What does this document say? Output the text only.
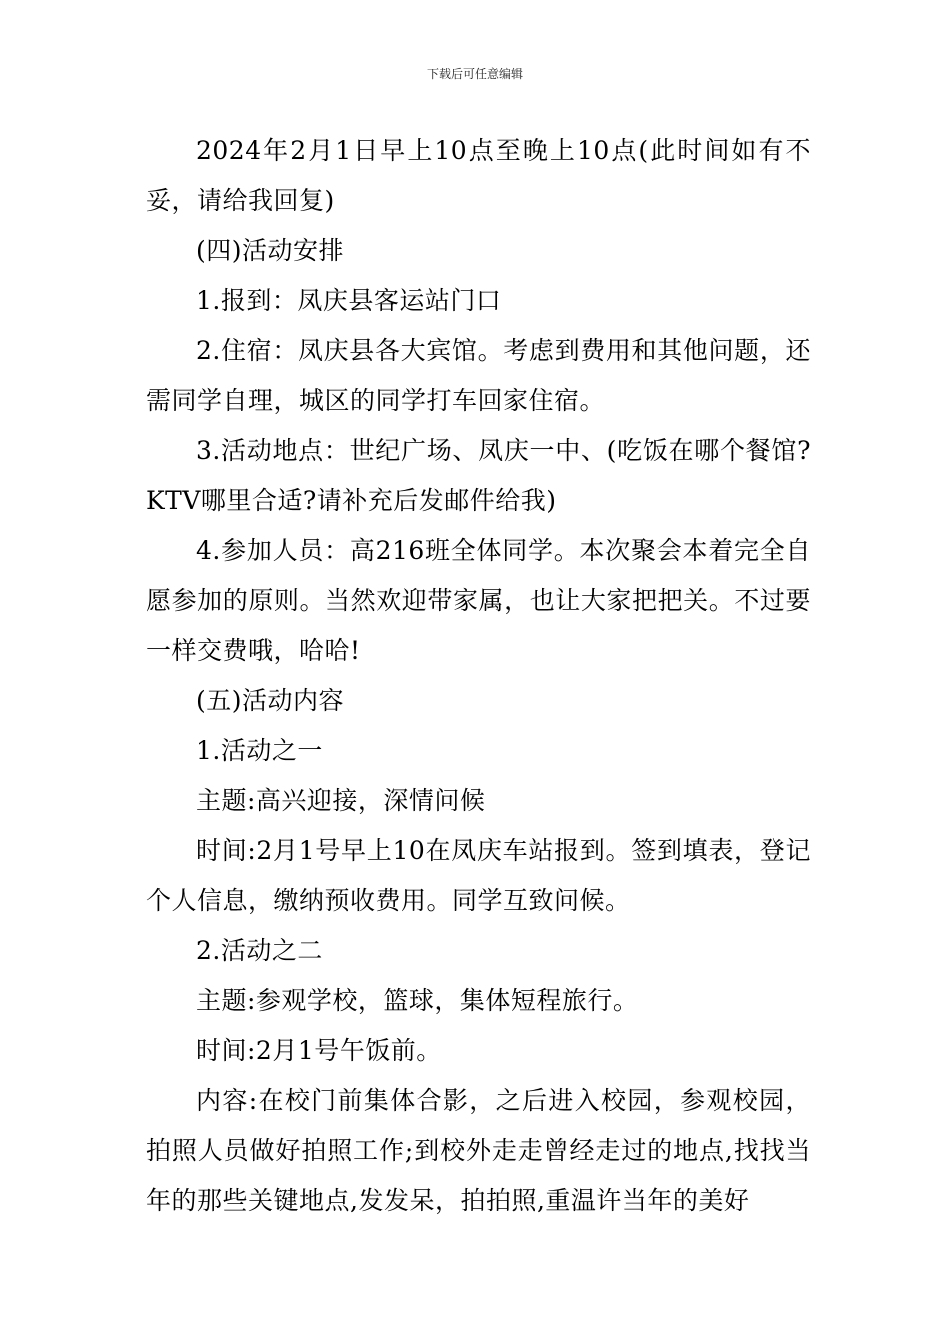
下载后可任意编辑

2024年2月1日早上10点至晚上10点(此时间如有不妥，请给我回复)

(四)活动安排

1.报到：凤庆县客运站门口

2.住宿：凤庆县各大宾馆。考虑到费用和其他问题，还需同学自理，城区的同学打车回家住宿。

3.活动地点：世纪广场、凤庆一中、(吃饭在哪个餐馆?KTV哪里合适?请补充后发邮件给我)

4.参加人员：高216班全体同学。本次聚会本着完全自愿参加的原则。当然欢迎带家属，也让大家把把关。不过要一样交费哦，哈哈!

(五)活动内容

1.活动之一

主题:高兴迎接，深情问候

时间:2月1号早上10在凤庆车站报到。签到填表，登记个人信息，缴纳预收费用。同学互致问候。

2.活动之二

主题:参观学校，篮球，集体短程旅行。

时间:2月1号午饭前。

内容:在校门前集体合影，之后进入校园，参观校园，拍照人员做好拍照工作;到校外走走曾经走过的地点,找找当年的那些关键地点,发发呆，拍拍照,重温许当年的美好
